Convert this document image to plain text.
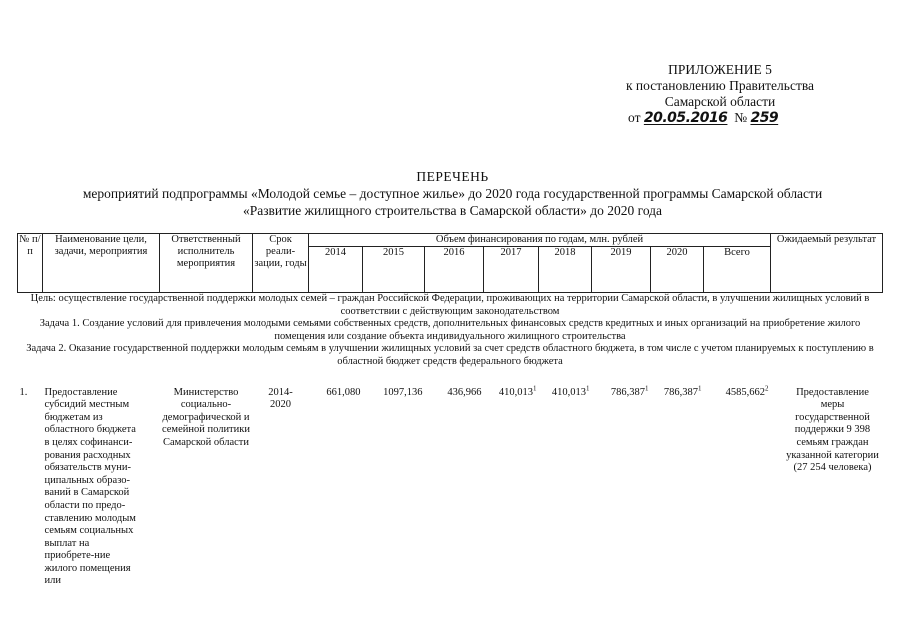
ПРИЛОЖЕНИЕ 5
к постановлению Правительства
Самарской области
от 20.05.2016 № 259
ПЕРЕЧЕНЬ
мероприятий подпрограммы «Молодой семье – доступное жилье» до 2020 года государственной программы Самарской области
«Развитие жилищного строительства в Самарской области» до 2020 года
№ п/п	Наименование цели, задачи, мероприятия	Ответственный исполнитель мероприятия	Срок реали-зации, годы	Объем финансирования по годам, млн. рублей								Ожидаемый результат
				2014	2015	2016	2017	2018	2019	2020	Всего	
Цель: осуществление государственной поддержки молодых семей – граждан Российской Федерации, проживающих на территории Самарской области, в улучшении жилищных условий в соответствии с действующим законодательством												
Задача 1. Создание условий для привлечения молодыми семьями собственных средств, дополнительных финансовых средств кредитных и иных организаций на приобретение жилого помещения или создание объекта индивидуального жилищного строительства												
Задача 2. Оказание государственной поддержки молодым семьям в улучшении жилищных условий за счет средств областного бюджета, в том числе с учетом планируемых к поступлению в областной бюджет средств федерального бюджета												
1.	Предоставление субсидий местным бюджетам из областного бюджета в целях софинанси-рования расходных обязательств муни-ципальных образо-ваний в Самарской области по предо-ставлению молодым семьям социальных выплат на приобрете-ние жилого помещения или	Министерство социально-демографической и семейной политики Самарской области	2014-2020	661,080	1097,136	436,966	410,013$^1$	410,013$^1$	786,387$^1$	786,387$^1$	4585,662$^2$	Предоставление меры государственной поддержки 9 398 семьям граждан указанной категории (27 254 человека)
